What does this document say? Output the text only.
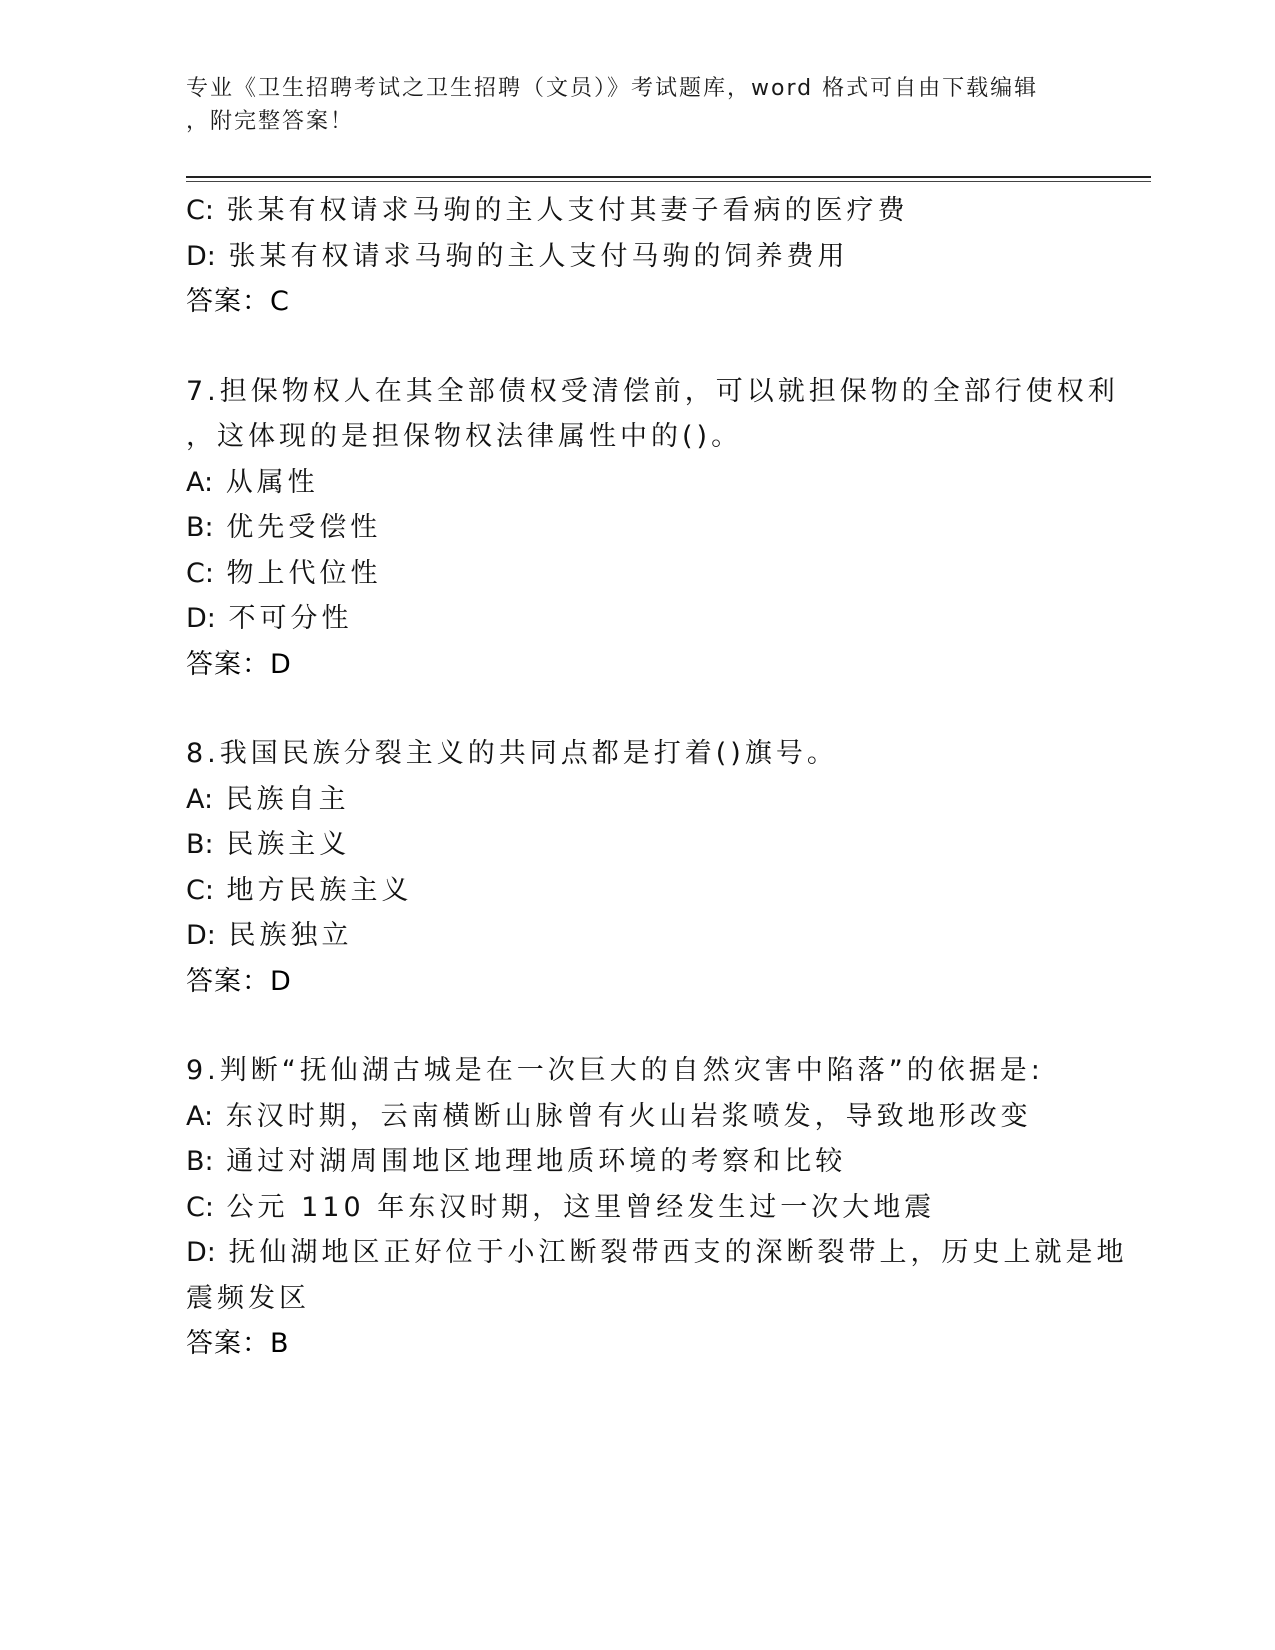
专业《卫生招聘考试之卫生招聘（文员）》考试题库，word 格式可自由下载编辑
，附完整答案！
C: 张某有权请求马驹的主人支付其妻子看病的医疗费
D: 张某有权请求马驹的主人支付马驹的饲养费用
答案：C
7.担保物权人在其全部债权受清偿前，可以就担保物的全部行使权利
，这体现的是担保物权法律属性中的()。
A: 从属性
B: 优先受偿性
C: 物上代位性
D: 不可分性
答案：D
8.我国民族分裂主义的共同点都是打着()旗号。
A: 民族自主
B: 民族主义
C: 地方民族主义
D: 民族独立
答案：D
9.判断“抚仙湖古城是在一次巨大的自然灾害中陷落”的依据是:
A: 东汉时期，云南横断山脉曾有火山岩浆喷发，导致地形改变
B: 通过对湖周围地区地理地质环境的考察和比较
C: 公元 110 年东汉时期，这里曾经发生过一次大地震
D: 抚仙湖地区正好位于小江断裂带西支的深断裂带上，历史上就是地
震频发区
答案：B
